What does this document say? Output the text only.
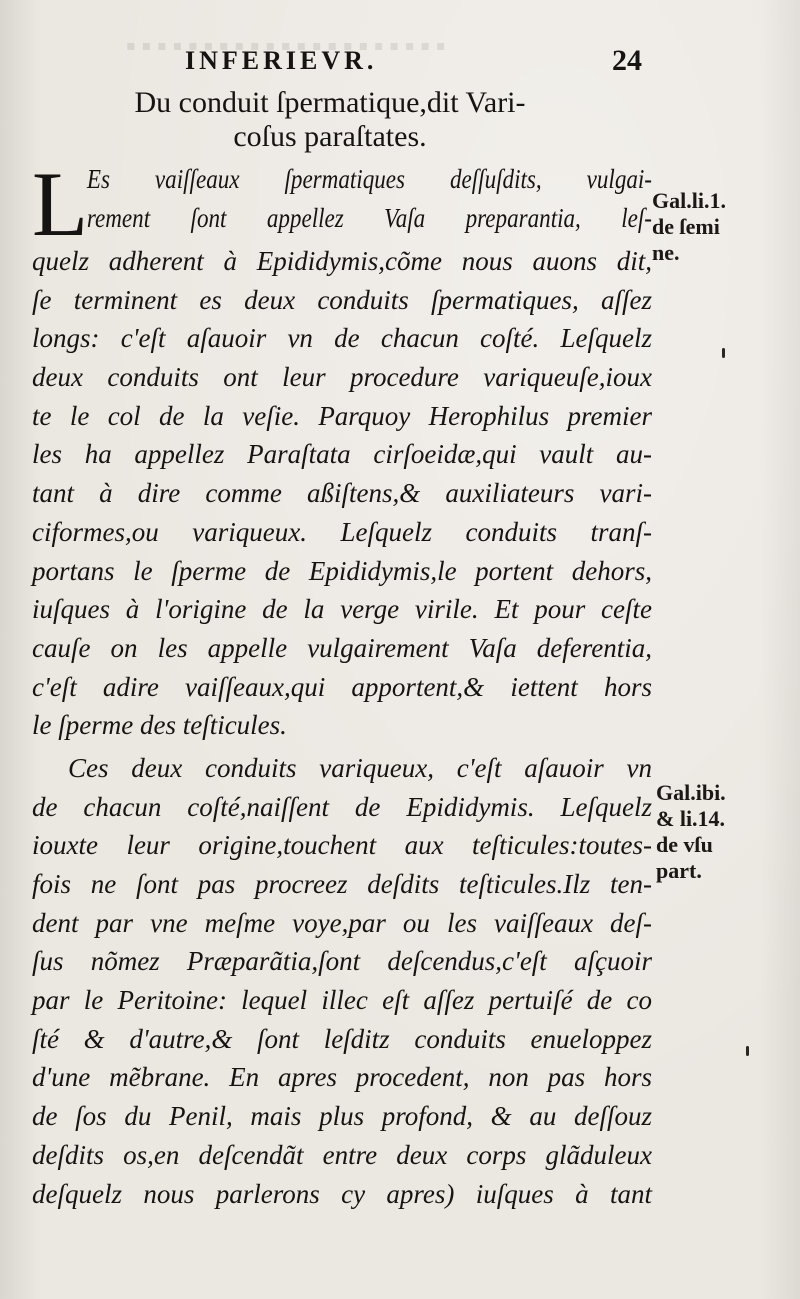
▪▪▪▪▪▪▪▪▪▪▪▪▪▪▪▪▪▪▪▪▪
INFERIEVR.	24
Du conduit ſpermatique,dit Vari-
coſus paraſtates.
L
Es vaiſſeaux ſpermatiques deſſuſdits, vulgai-
rement ſont appellez Vaſa preparantia, leſ-
quelz adherent à Epididymis,cõme nous auons dit,
ſe terminent es deux conduits ſpermatiques, aſſez
longs: c'eſt aſauoir vn de chacun coſté. Leſquelz
deux conduits ont leur procedure variqueuſe,ioux
te le col de la veſie. Parquoy Herophilus premier
les ha appellez Paraſtata cirſoeidæ,qui vault au-
tant à dire comme aßiſtens,& auxiliateurs vari-
ciformes,ou variqueux. Leſquelz conduits tranſ-
portans le ſperme de Epididymis,le portent dehors,
iuſques à l'origine de la verge virile. Et pour ceſte
cauſe on les appelle vulgairement Vaſa deferentia,
c'eſt adire vaiſſeaux,qui apportent,& iettent hors
le ſperme des teſticules.
Ces deux conduits variqueux, c'eſt aſauoir vn
de chacun coſté,naiſſent de Epididymis. Leſquelz
iouxte leur origine,touchent aux teſticules:toutes-
fois ne ſont pas procreez deſdits teſticules.Ilz ten-
dent par vne meſme voye,par ou les vaiſſeaux deſ-
ſus nõmez Præparãtia,ſont deſcendus,c'eſt aſçuoir
par le Peritoine: lequel illec eſt aſſez pertuiſé de co
ſté & d'autre,& ſont leſditz conduits enueloppez
d'une mẽbrane. En apres procedent, non pas hors
de ſos du Penil, mais plus profond, & au deſſouz
deſdits os,en deſcendãt entre deux corps glãduleux
deſquelz nous parlerons cy apres) iuſques à tant
Gal.li.1.
de ſemi
ne.
Gal.ibi.
& li.14.
de vſu
part.
